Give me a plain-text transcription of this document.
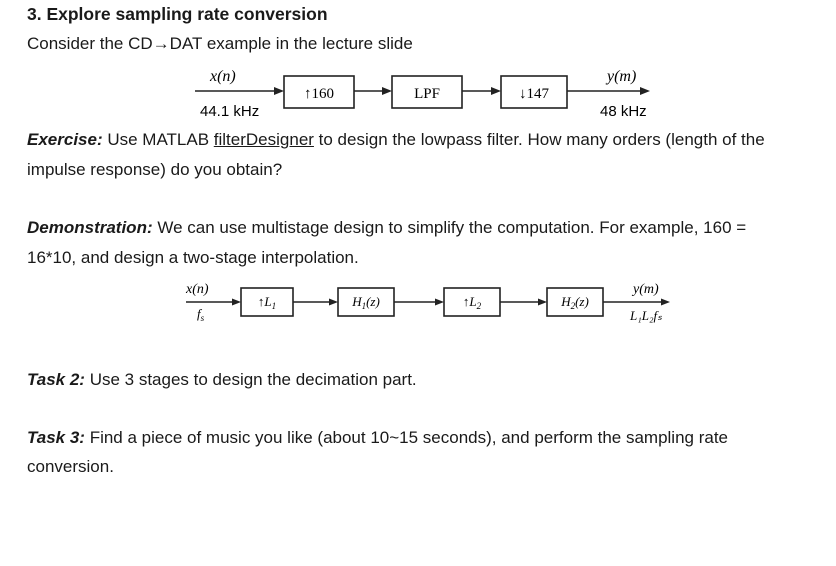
3. Explore sampling rate conversion
Consider the CD→DAT example in the lecture slide
x(n)
44.1 kHz
↑160	LPF	↓147
y(m)
48 kHz
x(n)
$f_s$
$↑L_1$	$H_1(z)$	$↑L_2$	$H_2(z)$
y(m)
L₁L₂fₛ
Exercise: Use MATLAB filterDesigner to design the lowpass filter. How many orders (length of the
impulse response) do you obtain?
Demonstration: We can use multistage design to simplify the computation. For example, 160 =
16*10, and design a two-stage interpolation.
Task 2: Use 3 stages to design the decimation part.
Task 3: Find a piece of music you like (about 10~15 seconds), and perform the sampling rate
conversion.
